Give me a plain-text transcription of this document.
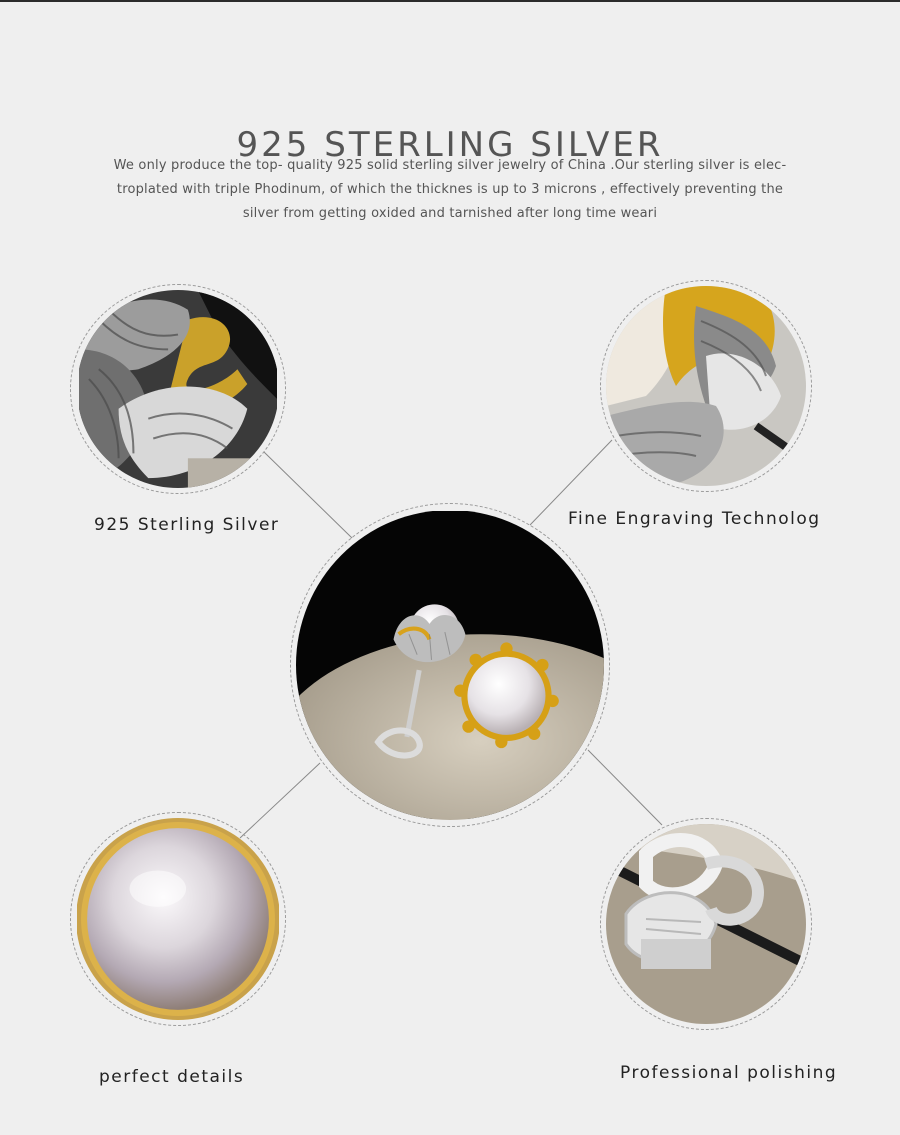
925 STERLING SILVER
We only produce the top- quality 925 solid sterling silver jewelry of China .Our sterling silver is elec-
troplated with triple Phodinum, of which the thicknes is up to 3 microns , effectively preventing the
silver from getting oxided and tarnished after long time weari
925 Sterling Silver	Fine Engraving Technolog
perfect details	Professional polishing
